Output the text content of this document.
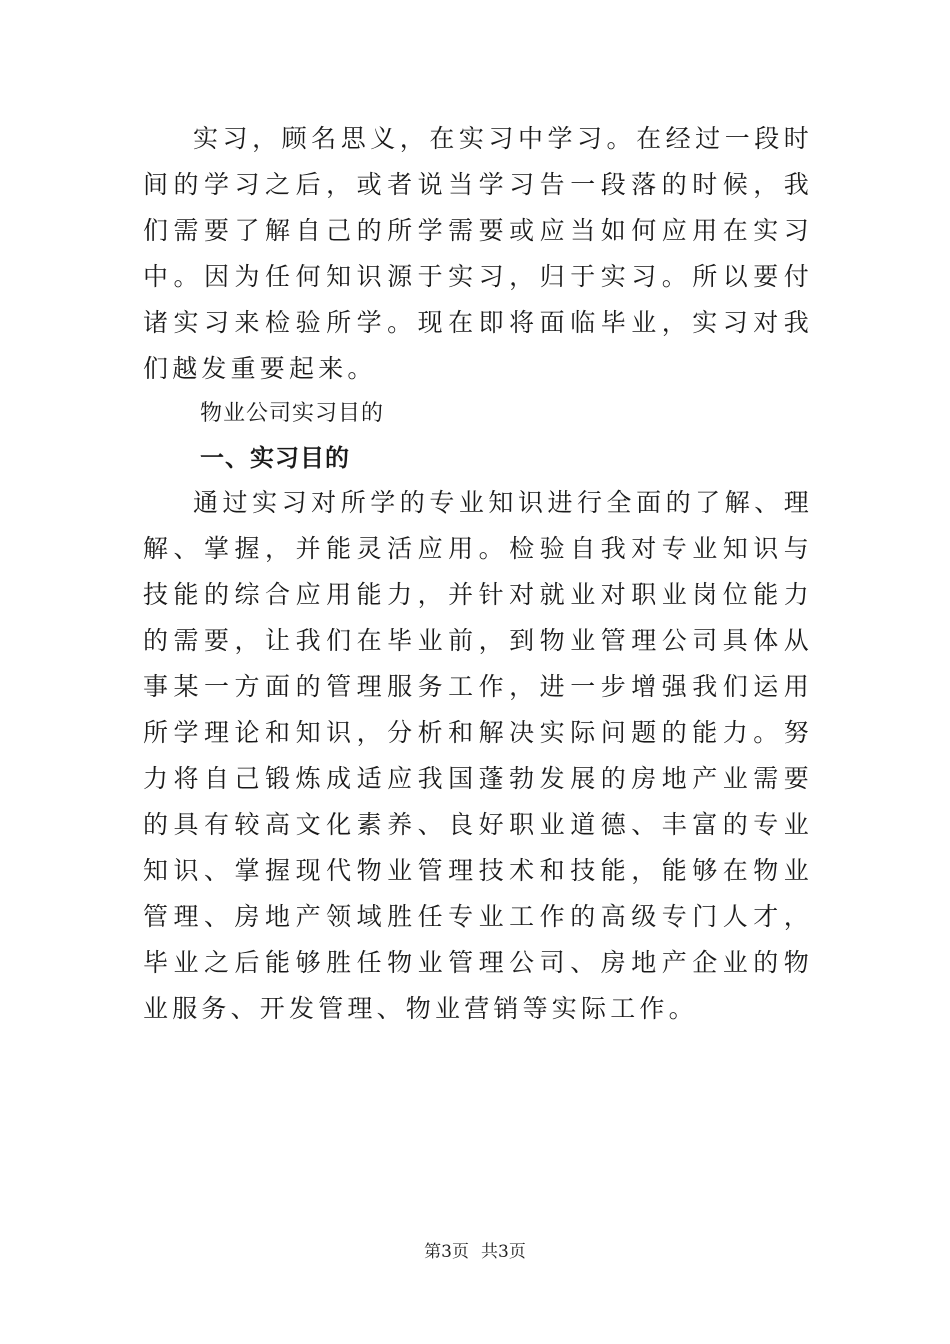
实习，顾名思义，在实习中学习。在经过一段时间的学习之后，或者说当学习告一段落的时候，我们需要了解自己的所学需要或应当如何应用在实习中。因为任何知识源于实习，归于实习。所以要付诸实习来检验所学。现在即将面临毕业，实习对我们越发重要起来。

物业公司实习目的

一、实习目的

通过实习对所学的专业知识进行全面的了解、理解、掌握，并能灵活应用。检验自我对专业知识与技能的综合应用能力，并针对就业对职业岗位能力的需要，让我们在毕业前，到物业管理公司具体从事某一方面的管理服务工作，进一步增强我们运用所学理论和知识，分析和解决实际问题的能力。努力将自己锻炼成适应我国蓬勃发展的房地产业需要的具有较高文化素养、良好职业道德、丰富的专业知识、掌握现代物业管理技术和技能，能够在物业管理、房地产领域胜任专业工作的高级专门人才，毕业之后能够胜任物业管理公司、房地产企业的物业服务、开发管理、物业营销等实际工作。

第3页 共3页
